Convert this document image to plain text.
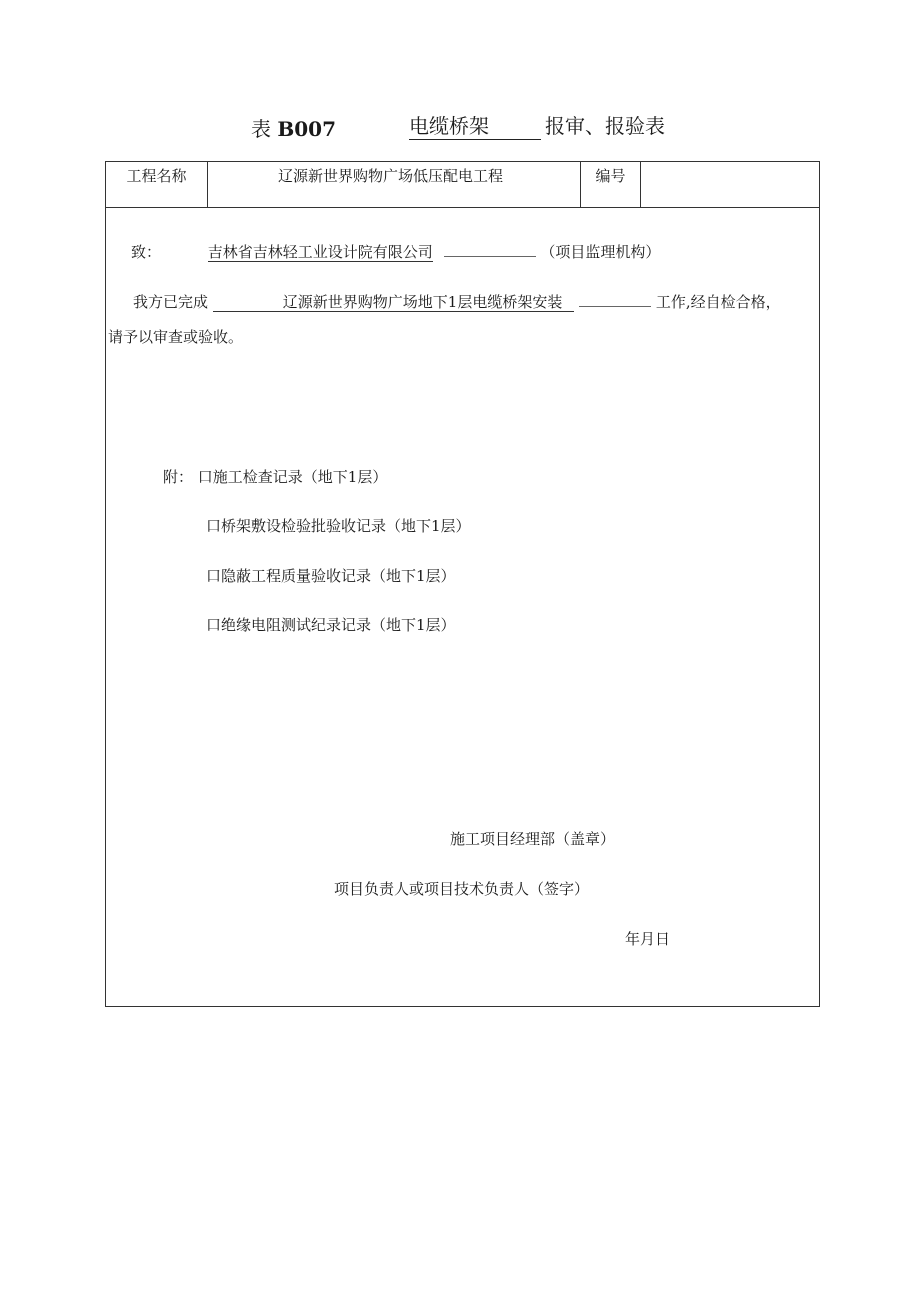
表 B007	电缆桥架	报审、报验表
工程名称	辽源新世界购物广场低压配电工程	编号
致：	吉林省吉林轻工业设计院有限公司	（项目监理机构）
我方已完成	辽源新世界购物广场地下1层电缆桥架安装	工作,经自检合格，
请予以审查或验收。
附： 口施工检查记录（地下1层）
口桥架敷设检验批验收记录（地下1层）
口隐蔽工程质量验收记录（地下1层）
口绝缘电阻测试纪录记录（地下1层）
施工项目经理部（盖章）
项目负责人或项目技术负责人（签字）
年月日
